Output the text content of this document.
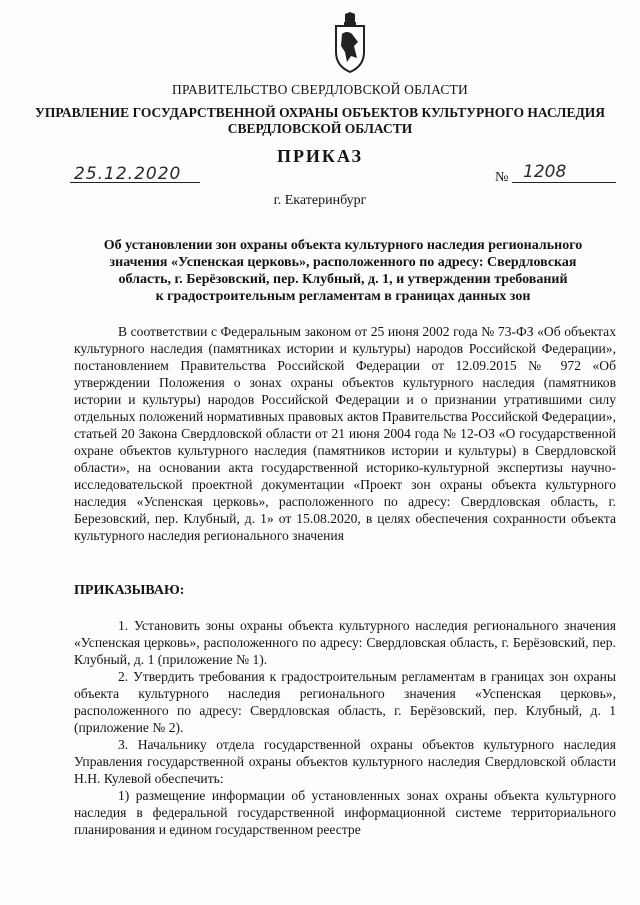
ПРАВИТЕЛЬСТВО СВЕРДЛОВСКОЙ ОБЛАСТИ
УПРАВЛЕНИЕ ГОСУДАРСТВЕННОЙ ОХРАНЫ ОБЪЕКТОВ КУЛЬТУРНОГО НАСЛЕДИЯ
СВЕРДЛОВСКОЙ ОБЛАСТИ
ПРИКАЗ
25.12.2020	№ 1208
г. Екатеринбург
Об установлении зон охраны объекта культурного наследия регионального
значения «Успенская церковь», расположенного по адресу: Свердловская
область, г. Берёзовский, пер. Клубный, д. 1, и утверждении требований
к градостроительным регламентам в границах данных зон
В соответствии с Федеральным законом от 25 июня 2002 года № 73-ФЗ «Об объектах культурного наследия (памятниках истории и культуры) народов Российской Федерации», постановлением Правительства Российской Федерации от 12.09.2015 № 972 «Об утверждении Положения о зонах охраны объектов культурного наследия (памятников истории и культуры) народов Российской Федерации и о признании утратившими силу отдельных положений нормативных правовых актов Правительства Российской Федерации», статьей 20 Закона Свердловской области от 21 июня 2004 года № 12-ОЗ «О государственной охране объектов культурного наследия (памятников истории и культуры) в Свердловской области», на основании акта государственной историко-культурной экспертизы научно-исследовательской проектной документации «Проект зон охраны объекта культурного наследия «Успенская церковь», расположенного по адресу: Свердловская область, г. Березовский, пер. Клубный, д. 1» от 15.08.2020, в целях обеспечения сохранности объекта культурного наследия регионального значения
ПРИКАЗЫВАЮ:

1. Установить зоны охраны объекта культурного наследия регионального значения «Успенская церковь», расположенного по адресу: Свердловская область, г. Берёзовский, пер. Клубный, д. 1 (приложение № 1).

2. Утвердить требования к градостроительным регламентам в границах зон охраны объекта культурного наследия регионального значения «Успенская церковь», расположенного по адресу: Свердловская область, г. Берёзовский, пер. Клубный, д. 1 (приложение № 2).

3. Начальнику отдела государственной охраны объектов культурного наследия Управления государственной охраны объектов культурного наследия Свердловской области Н.Н. Кулевой обеспечить:

1) размещение информации об установленных зонах охраны объекта культурного наследия в федеральной государственной информационной системе территориального планирования и едином государственном реестре
